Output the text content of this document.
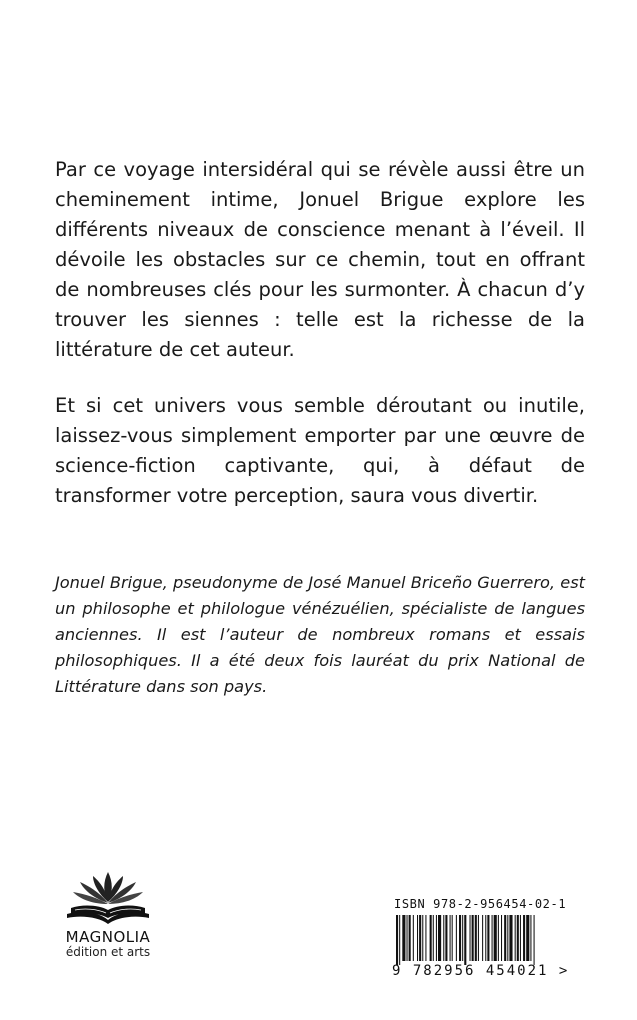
Par ce voyage intersidéral qui se révèle aussi être un cheminement intime, Jonuel Brigue explore les différents niveaux de conscience menant à l’éveil. Il dévoile les obstacles sur ce chemin, tout en offrant de nombreuses clés pour les surmonter. À chacun d’y trouver les siennes : telle est la richesse de la littérature de cet auteur.

Et si cet univers vous semble déroutant ou inutile, laissez-vous simplement emporter par une œuvre de science-fiction captivante, qui, à défaut de transformer votre perception, saura vous divertir.

Jonuel Brigue, pseudonyme de José Manuel Briceño Guerrero, est un philosophe et philologue vénézuélien, spécialiste de langues anciennes. Il est l’auteur de nombreux romans et essais philosophiques. Il a été deux fois lauréat du prix National de Littérature dans son pays.

MAGNOLIA
édition et arts
ISBN 978-2-956454-02-1
9 782956 454021 >
